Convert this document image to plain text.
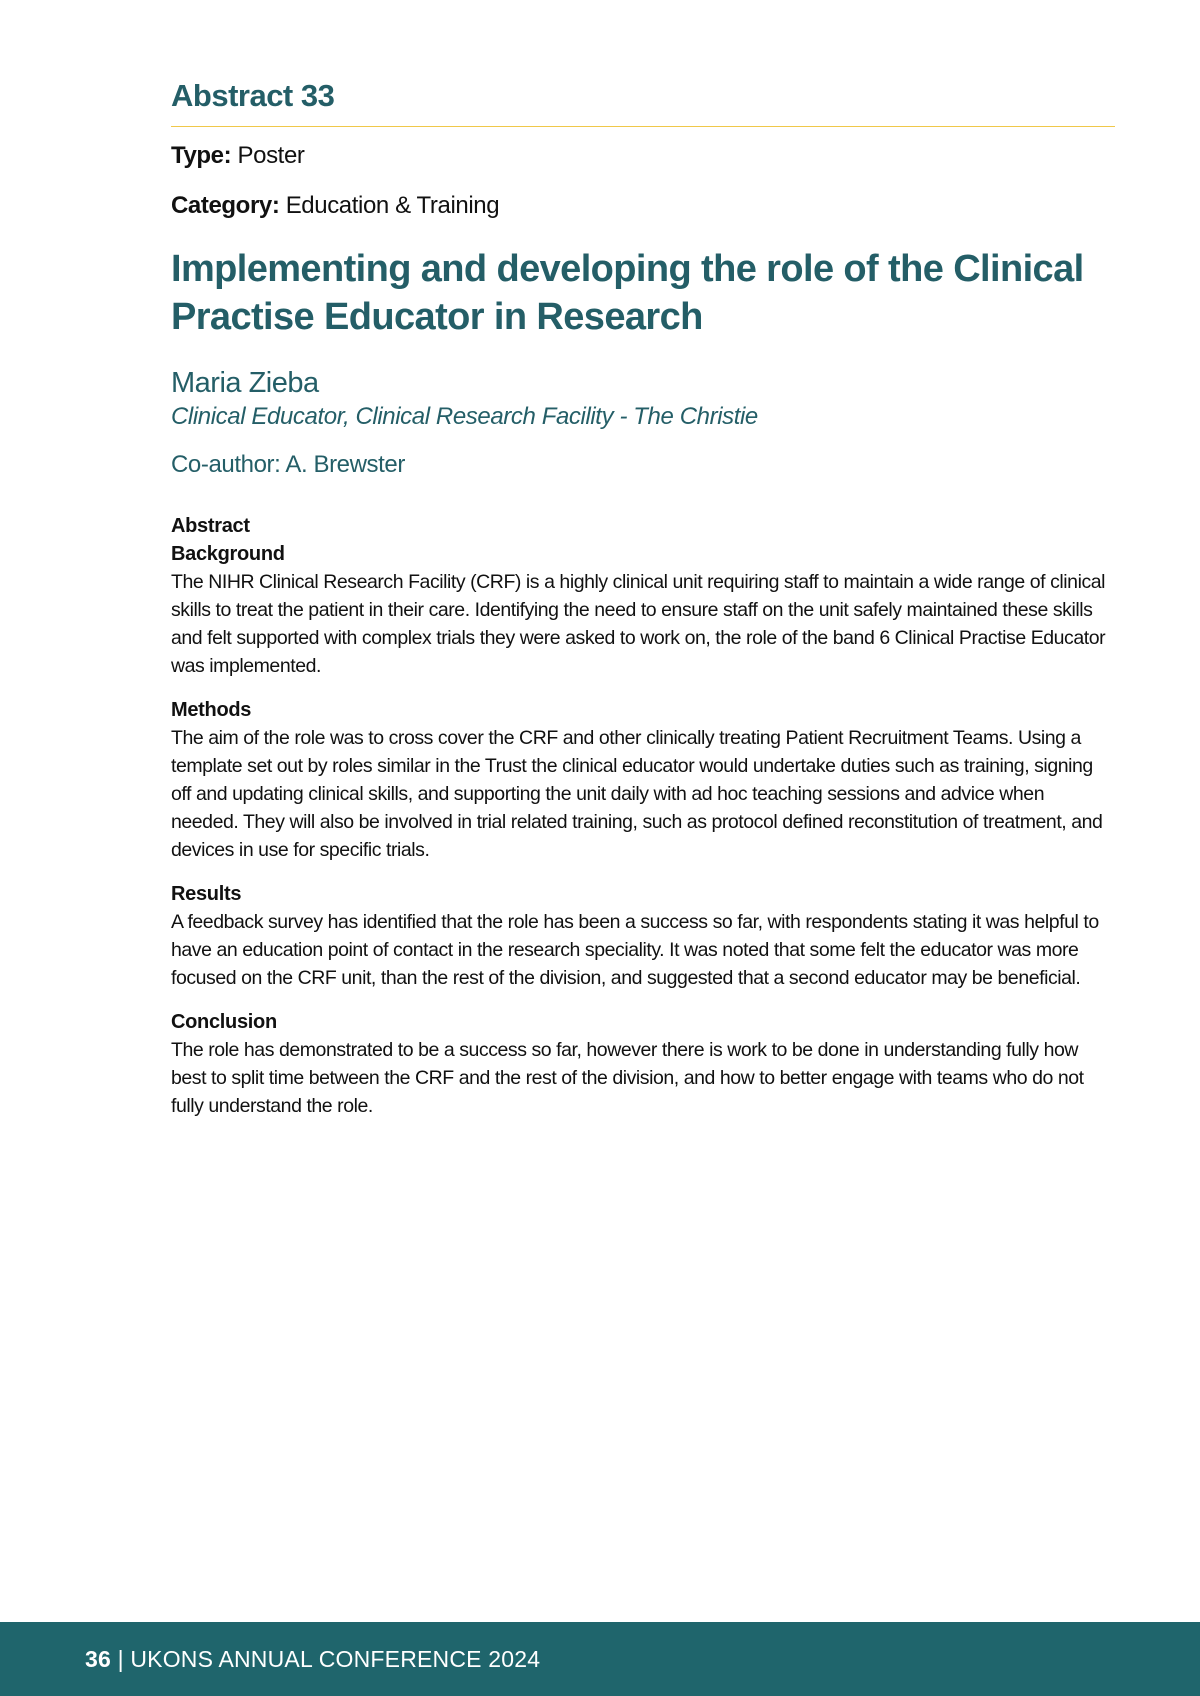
Abstract 33

Type: Poster

Category: Education & Training

Implementing and developing the role of the Clinical Practise Educator in Research
Maria Zieba
Clinical Educator, Clinical Research Facility - The Christie
Co-author: A. Brewster
Abstract
Background

The NIHR Clinical Research Facility (CRF) is a highly clinical unit requiring staff to maintain a wide range of clinical skills to treat the patient in their care. Identifying the need to ensure staff on the unit safely maintained these skills and felt supported with complex trials they were asked to work on, the role of the band 6 Clinical Practise Educator was implemented.

Methods

The aim of the role was to cross cover the CRF and other clinically treating Patient Recruitment Teams. Using a template set out by roles similar in the Trust the clinical educator would undertake duties such as training, signing off and updating clinical skills, and supporting the unit daily with ad hoc teaching sessions and advice when needed. They will also be involved in trial related training, such as protocol defined reconstitution of treatment, and devices in use for specific trials.

Results

A feedback survey has identified that the role has been a success so far, with respondents stating it was helpful to have an education point of contact in the research speciality. It was noted that some felt the educator was more focused on the CRF unit, than the rest of the division, and suggested that a second educator may be beneficial.

Conclusion

The role has demonstrated to be a success so far, however there is work to be done in understanding fully how best to split time between the CRF and the rest of the division, and how to better engage with teams who do not fully understand the role.

36 | UKONS ANNUAL CONFERENCE 2024
